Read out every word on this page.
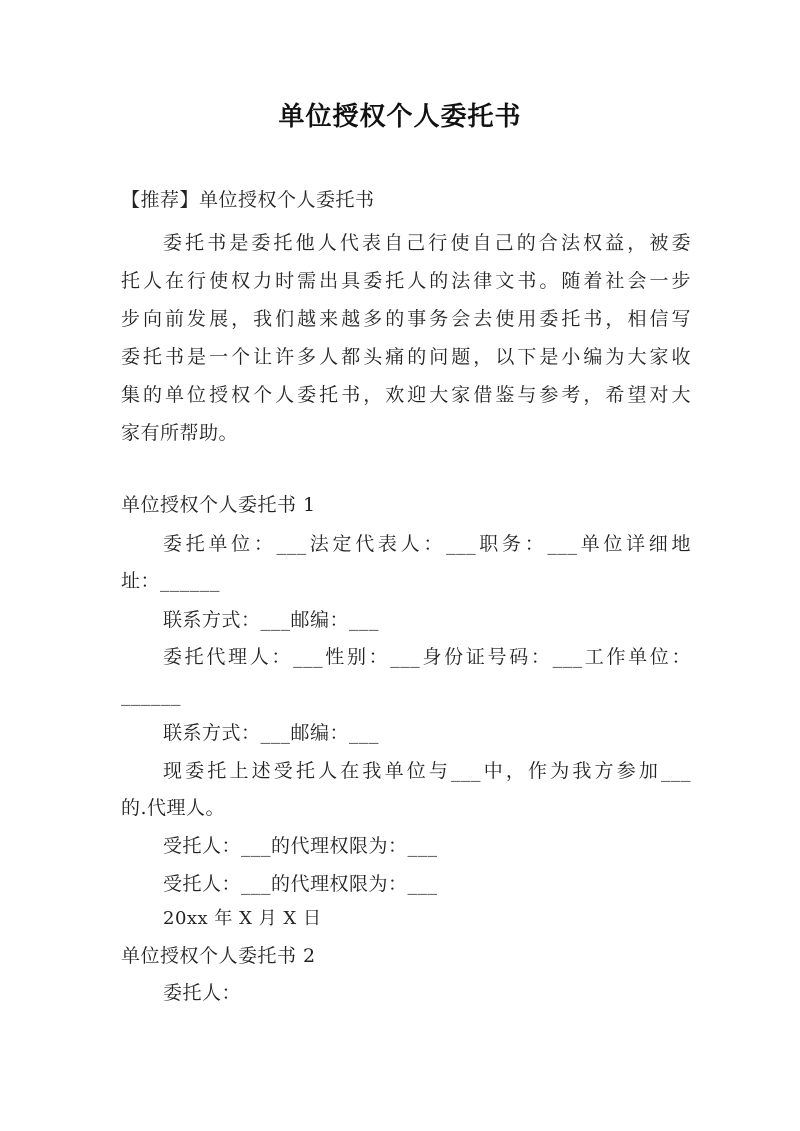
单位授权个人委托书
【推荐】单位授权个人委托书
委托书是委托他人代表自己行使自己的合法权益，被委
托人在行使权力时需出具委托人的法律文书。随着社会一步
步向前发展，我们越来越多的事务会去使用委托书，相信写
委托书是一个让许多人都头痛的问题，以下是小编为大家收
集的单位授权个人委托书，欢迎大家借鉴与参考，希望对大
家有所帮助。
单位授权个人委托书 1
委托单位：___法定代表人：___职务：___单位详细地
址：______
联系方式：___邮编：___
委托代理人：___性别：___身份证号码：___工作单位：
______
联系方式：___邮编：___
现委托上述受托人在我单位与___中，作为我方参加___
的.代理人。
受托人：___的代理权限为：___
受托人：___的代理权限为：___
20xx 年 X 月 X 日
单位授权个人委托书 2
委托人：
